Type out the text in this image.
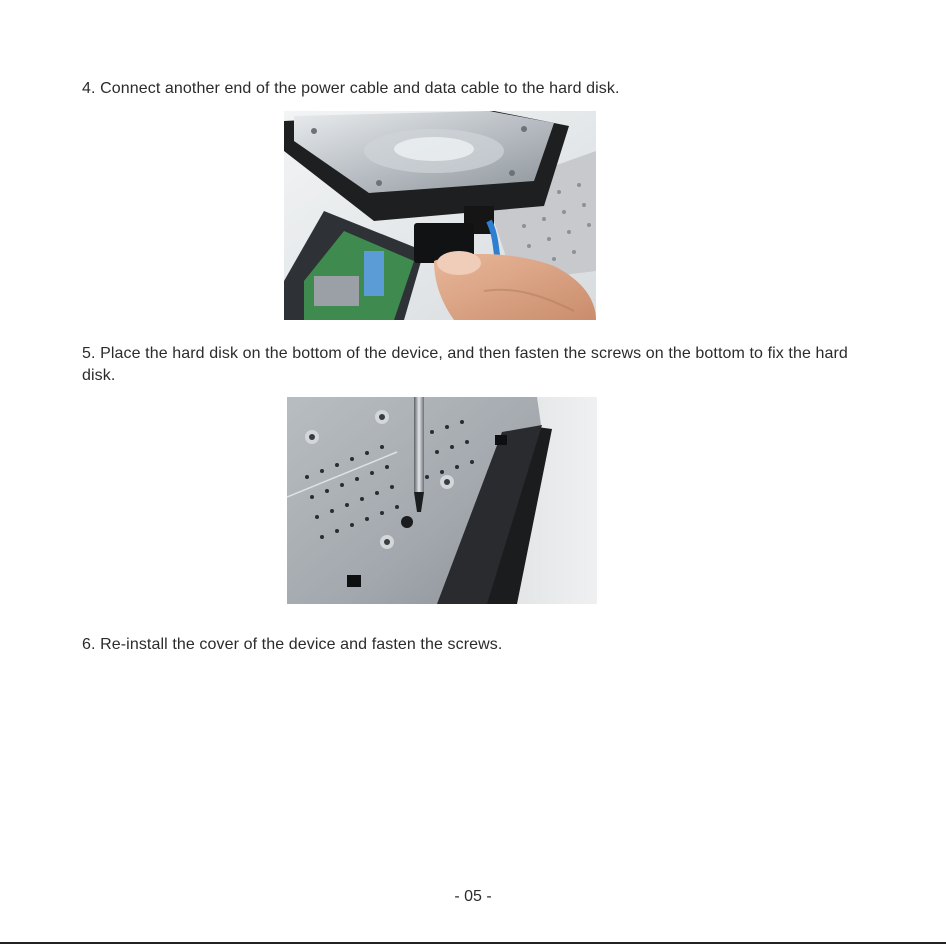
4. Connect another end of the power cable and data cable to the hard disk.

5. Place the hard disk on the bottom of the device, and then fasten the screws on the bottom to fix the hard disk.

6. Re-install the cover of the device and fasten the screws.

- 05 -
